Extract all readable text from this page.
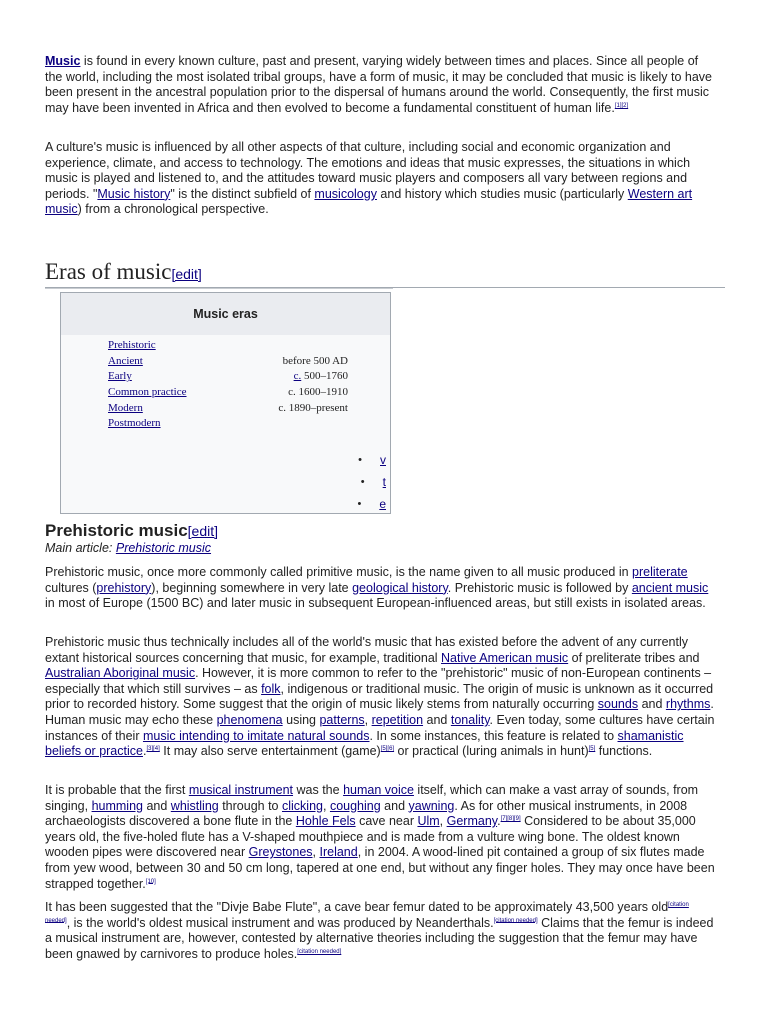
Music is found in every known culture, past and present, varying widely between times and places. Since all people of the world, including the most isolated tribal groups, have a form of music, it may be concluded that music is likely to have been present in the ancestral population prior to the dispersal of humans around the world. Consequently, the first music may have been invented in Africa and then evolved to become a fundamental constituent of human life.[1][2]

A culture's music is influenced by all other aspects of that culture, including social and economic organization and experience, climate, and access to technology. The emotions and ideas that music expresses, the situations in which music is played and listened to, and the attitudes toward music players and composers all vary between regions and periods. "Music history" is the distinct subfield of musicology and history which studies music (particularly Western art music) from a chronological perspective.

Eras of music[edit]
Music eras
Prehistoric
Ancient	before 500 AD
Early	c. 500–1760
Common practice	c. 1600–1910
Modern	c. 1890–present
Postmodern
• v
• t
• e
Prehistoric music[edit]
Main article: Prehistoric music

Prehistoric music, once more commonly called primitive music, is the name given to all music produced in preliterate cultures (prehistory), beginning somewhere in very late geological history. Prehistoric music is followed by ancient music in most of Europe (1500 BC) and later music in subsequent European-influenced areas, but still exists in isolated areas.

Prehistoric music thus technically includes all of the world's music that has existed before the advent of any currently extant historical sources concerning that music, for example, traditional Native American music of preliterate tribes and Australian Aboriginal music. However, it is more common to refer to the "prehistoric" music of non-European continents – especially that which still survives – as folk, indigenous or traditional music. The origin of music is unknown as it occurred prior to recorded history. Some suggest that the origin of music likely stems from naturally occurring sounds and rhythms. Human music may echo these phenomena using patterns, repetition and tonality. Even today, some cultures have certain instances of their music intending to imitate natural sounds. In some instances, this feature is related to shamanistic beliefs or practice.[3][4] It may also serve entertainment (game)[5][6] or practical (luring animals in hunt)[5] functions.

It is probable that the first musical instrument was the human voice itself, which can make a vast array of sounds, from singing, humming and whistling through to clicking, coughing and yawning. As for other musical instruments, in 2008 archaeologists discovered a bone flute in the Hohle Fels cave near Ulm, Germany.[7][8][9] Considered to be about 35,000 years old, the five-holed flute has a V-shaped mouthpiece and is made from a vulture wing bone. The oldest known wooden pipes were discovered near Greystones, Ireland, in 2004. A wood-lined pit contained a group of six flutes made from yew wood, between 30 and 50 cm long, tapered at one end, but without any finger holes. They may once have been strapped together.[10]

It has been suggested that the "Divje Babe Flute", a cave bear femur dated to be approximately 43,500 years old[citation needed], is the world's oldest musical instrument and was produced by Neanderthals.[citation needed] Claims that the femur is indeed a musical instrument are, however, contested by alternative theories including the suggestion that the femur may have been gnawed by carnivores to produce holes.[citation needed]
